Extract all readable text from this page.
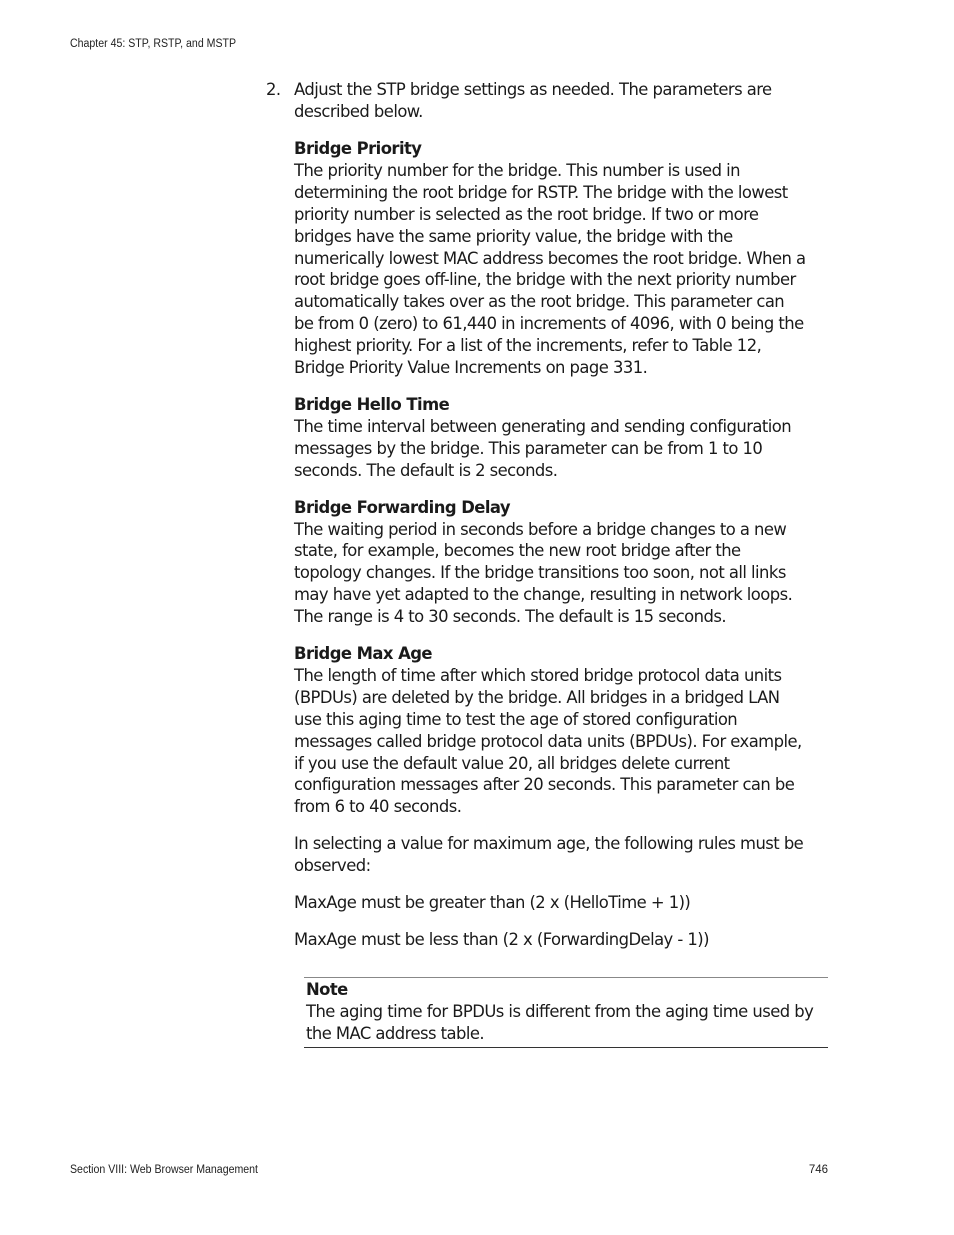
Chapter 45: STP, RSTP, and MSTP
2. Adjust the STP bridge settings as needed. The parameters are described below.

Bridge Priority

The priority number for the bridge. This number is used in determining the root bridge for RSTP. The bridge with the lowest priority number is selected as the root bridge. If two or more bridges have the same priority value, the bridge with the numerically lowest MAC address becomes the root bridge. When a root bridge goes off-line, the bridge with the next priority number automatically takes over as the root bridge. This parameter can be from 0 (zero) to 61,440 in increments of 4096, with 0 being the highest priority. For a list of the increments, refer to Table 12, Bridge Priority Value Increments on page 331.

Bridge Hello Time

The time interval between generating and sending configuration messages by the bridge. This parameter can be from 1 to 10 seconds. The default is 2 seconds.

Bridge Forwarding Delay

The waiting period in seconds before a bridge changes to a new state, for example, becomes the new root bridge after the topology changes. If the bridge transitions too soon, not all links may have yet adapted to the change, resulting in network loops. The range is 4 to 30 seconds. The default is 15 seconds.

Bridge Max Age

The length of time after which stored bridge protocol data units (BPDUs) are deleted by the bridge. All bridges in a bridged LAN use this aging time to test the age of stored configuration messages called bridge protocol data units (BPDUs). For example, if you use the default value 20, all bridges delete current configuration messages after 20 seconds. This parameter can be from 6 to 40 seconds.

In selecting a value for maximum age, the following rules must be observed:

MaxAge must be greater than (2 x (HelloTime + 1))

MaxAge must be less than (2 x (ForwardingDelay - 1))

Note

The aging time for BPDUs is different from the aging time used by the MAC address table.

Section VIII: Web Browser Management	746
